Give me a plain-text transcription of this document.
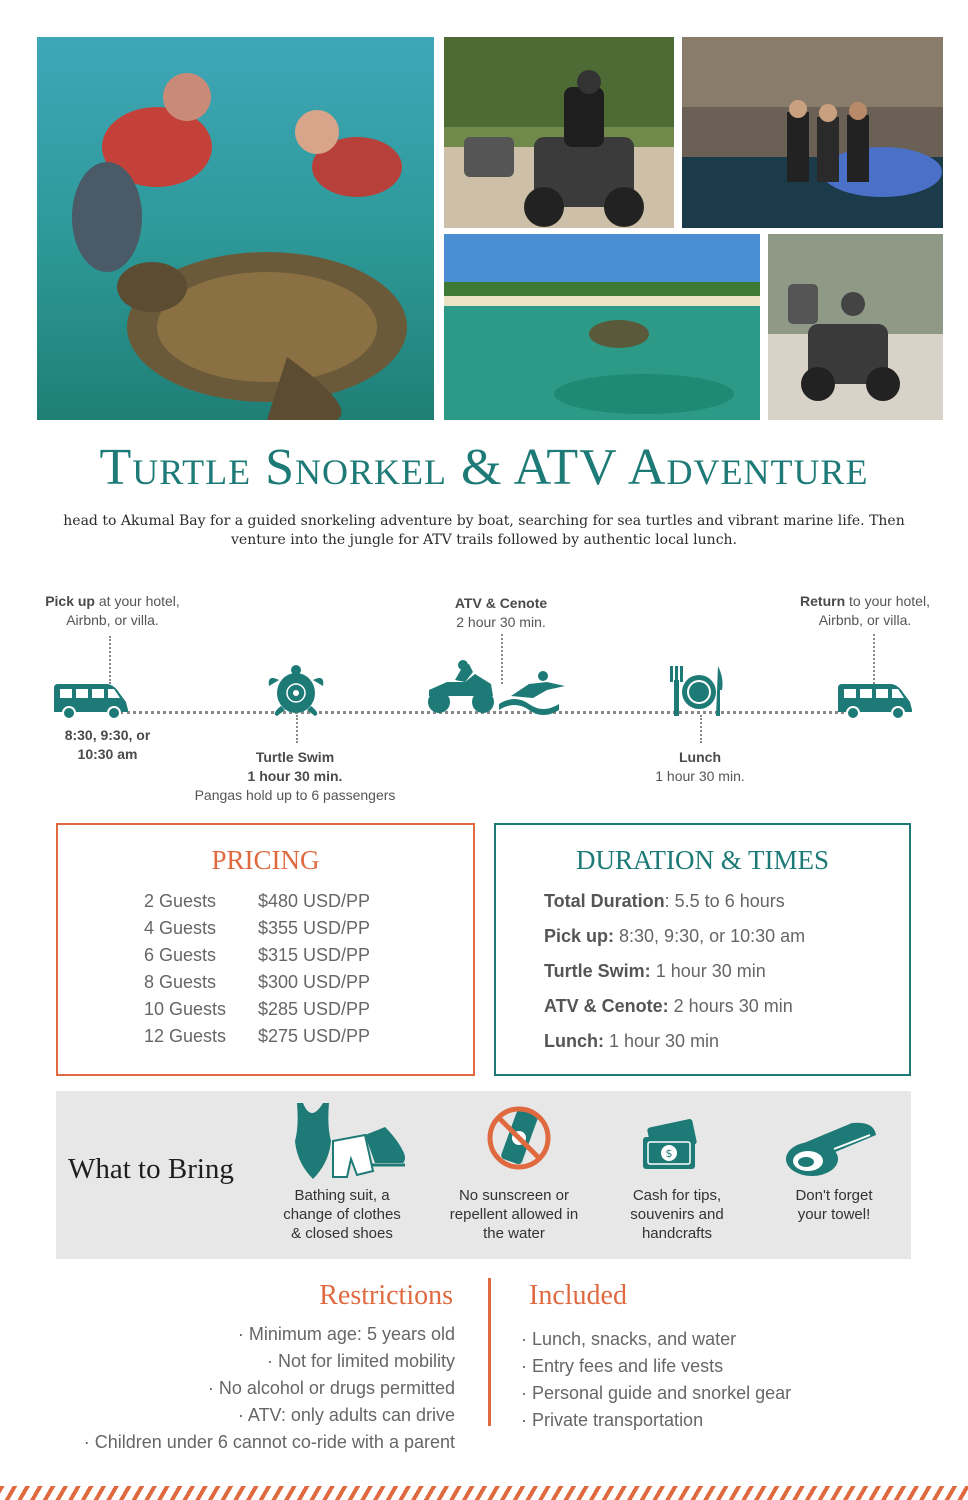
Turtle Snorkel & ATV Adventure
head to Akumal Bay for a guided snorkeling adventure by boat, searching for sea turtles and vibrant marine life. Then venture into the jungle for ATV trails followed by authentic local lunch.
Pick up at your hotel,
Airbnb, or villa.
ATV & Cenote
2 hour 30 min.
Return to your hotel,
Airbnb, or villa.
8:30, 9:30, or
10:30 am	Turtle Swim
1 hour 30 min.
Pangas hold up to 6 passengers
Lunch
1 hour 30 min.
PRICING
2 Guests $480 USD/PP
4 Guests $355 USD/PP
6 Guests $315 USD/PP
8 Guests $300 USD/PP
10 Guests $285 USD/PP
12 Guests $275 USD/PP
DURATION & TIMES
Total Duration: 5.5 to 6 hours
Pick up: 8:30, 9:30, or 10:30 am
Turtle Swim: 1 hour 30 min
ATV & Cenote: 2 hours 30 min
Lunch: 1 hour 30 min
What to Bring
Bathing suit, a
change of clothes
& closed shoes
No sunscreen or
repellent allowed in
the water
$
Cash for tips,
souvenirs and
handcrafts
Don't forget
your towel!
Restrictions	Included
· Minimum age: 5 years old
· Not for limited mobility
· No alcohol or drugs permitted
· ATV: only adults can drive
· Children under 6 cannot co-ride with a parent
· Lunch, snacks, and water
· Entry fees and life vests
· Personal guide and snorkel gear
· Private transportation
